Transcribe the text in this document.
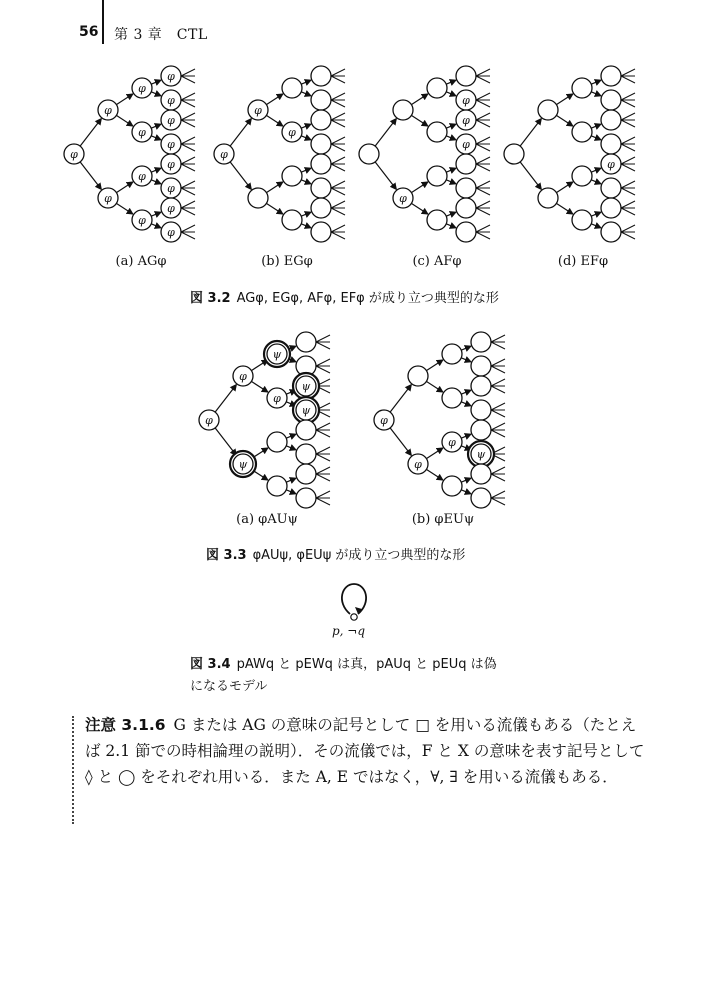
56 第 3 章　CTL
φ
φ
φ
φ
φ
φ
φ
φ
φ
φ
φ
φ
φ
φ
φ
φ
φ
φ
φ
φ
φ
φ
φ
(a) AGφ	(b) EGφ	(c) AFφ	(d) EFφ
図 3.2 AGφ, EGφ, AFφ, EFφ が成り立つ典型的な形
φ
φ
ψ
ψ
φ
ψ
ψ
φ
φ
φ
ψ
(a) φAUψ	(b) φEUψ
図 3.3 φAUψ, φEUψ が成り立つ典型的な形
p, ¬q
図 3.4 pAWq と pEWq は真，pAUq と pEUq は偽
になるモデル
注意 3.1.6 G または AG の意味の記号として □ を用いる流儀もある（たとえば 2.1 節での時相論理の説明）．その流儀では，F と X の意味を表す記号として ◊ と ◯ をそれぞれ用いる．また A, E ではなく，∀, ∃ を用いる流儀もある．
